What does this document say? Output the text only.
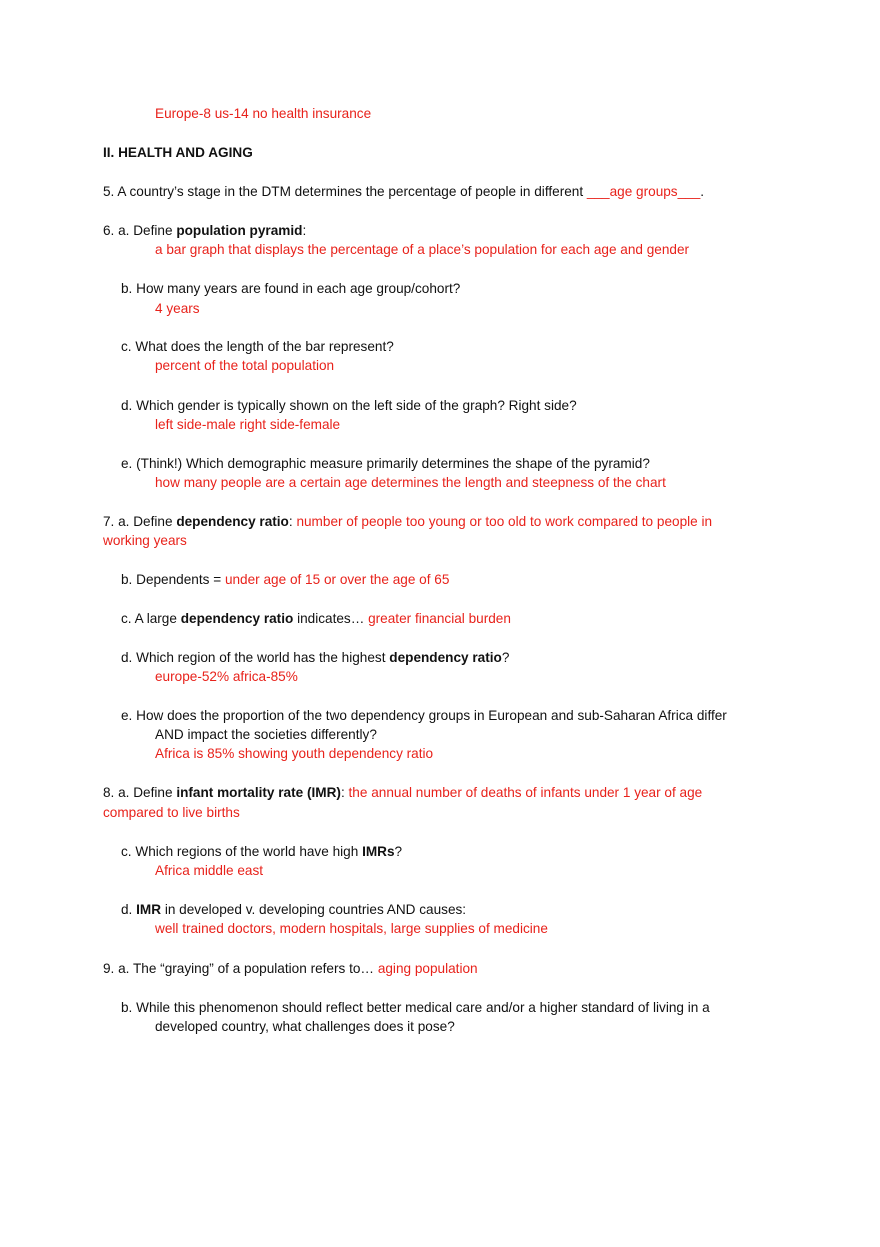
Europe-8 us-14 no health insurance
II. HEALTH AND AGING
5. A country’s stage in the DTM determines the percentage of people in different ___age groups___.
6. a. Define population pyramid:
a bar graph that displays the percentage of a place’s population for each age and gender
b. How many years are found in each age group/cohort?
4 years
c. What does the length of the bar represent?
percent of the total population
d. Which gender is typically shown on the left side of the graph? Right side?
left side-male right side-female
e. (Think!) Which demographic measure primarily determines the shape of the pyramid?
how many people are a certain age determines the length and steepness of the chart
7. a. Define dependency ratio: number of people too young or too old to work compared to people in
working years
b. Dependents = under age of 15 or over the age of 65
c. A large dependency ratio indicates… greater financial burden
d. Which region of the world has the highest dependency ratio?
europe-52% africa-85%
e. How does the proportion of the two dependency groups in European and sub-Saharan Africa differ
AND impact the societies differently?
Africa is 85% showing youth dependency ratio
8. a. Define infant mortality rate (IMR): the annual number of deaths of infants under 1 year of age
compared to live births
c. Which regions of the world have high IMRs?
Africa middle east
d. IMR in developed v. developing countries AND causes:
well trained doctors, modern hospitals, large supplies of medicine
9. a. The “graying” of a population refers to… aging population
b. While this phenomenon should reflect better medical care and/or a higher standard of living in a
developed country, what challenges does it pose?
